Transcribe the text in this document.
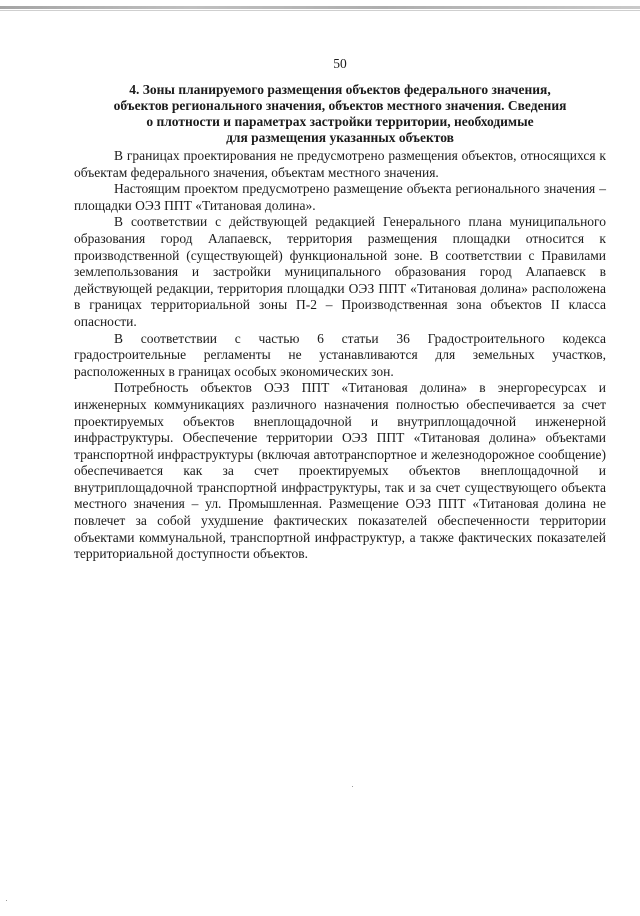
50
4. Зоны планируемого размещения объектов федерального значения,
объектов регионального значения, объектов местного значения. Сведения
о плотности и параметрах застройки территории, необходимые
для размещения указанных объектов

В границах проектирования не предусмотрено размещения объектов, относящихся к объектам федерального значения, объектам местного значения.

Настоящим проектом предусмотрено размещение объекта регионального значения – площадки ОЭЗ ППТ «Титановая долина».

В соответствии с действующей редакцией Генерального плана муниципального образования город Алапаевск, территория размещения площадки относится к производственной (существующей) функциональной зоне. В соответствии с Правилами землепользования и застройки муниципального образования город Алапаевск в действующей редакции, территория площадки ОЭЗ ППТ «Титановая долина» расположена в границах территориальной зоны П-2 – Производственная зона объектов II класса опасности.

В соответствии с частью 6 статьи 36 Градостроительного кодекса градостроительные регламенты не устанавливаются для земельных участков, расположенных в границах особых экономических зон.

Потребность объектов ОЭЗ ППТ «Титановая долина» в энергоресурсах и инженерных коммуникациях различного назначения полностью обеспечивается за счет проектируемых объектов внеплощадочной и внутриплощадочной инженерной инфраструктуры. Обеспечение территории ОЭЗ ППТ «Титановая долина» объектами транспортной инфраструктуры (включая автотранспортное и железнодорожное сообщение) обеспечивается как за счет проектируемых объектов внеплощадочной и внутриплощадочной транспортной инфраструктуры, так и за счет существующего объекта местного значения – ул. Промышленная. Размещение ОЭЗ ППТ «Титановая долина не повлечет за собой ухудшение фактических показателей обеспеченности территории объектами коммунальной, транспортной инфраструктур, а также фактических показателей территориальной доступности объектов.
